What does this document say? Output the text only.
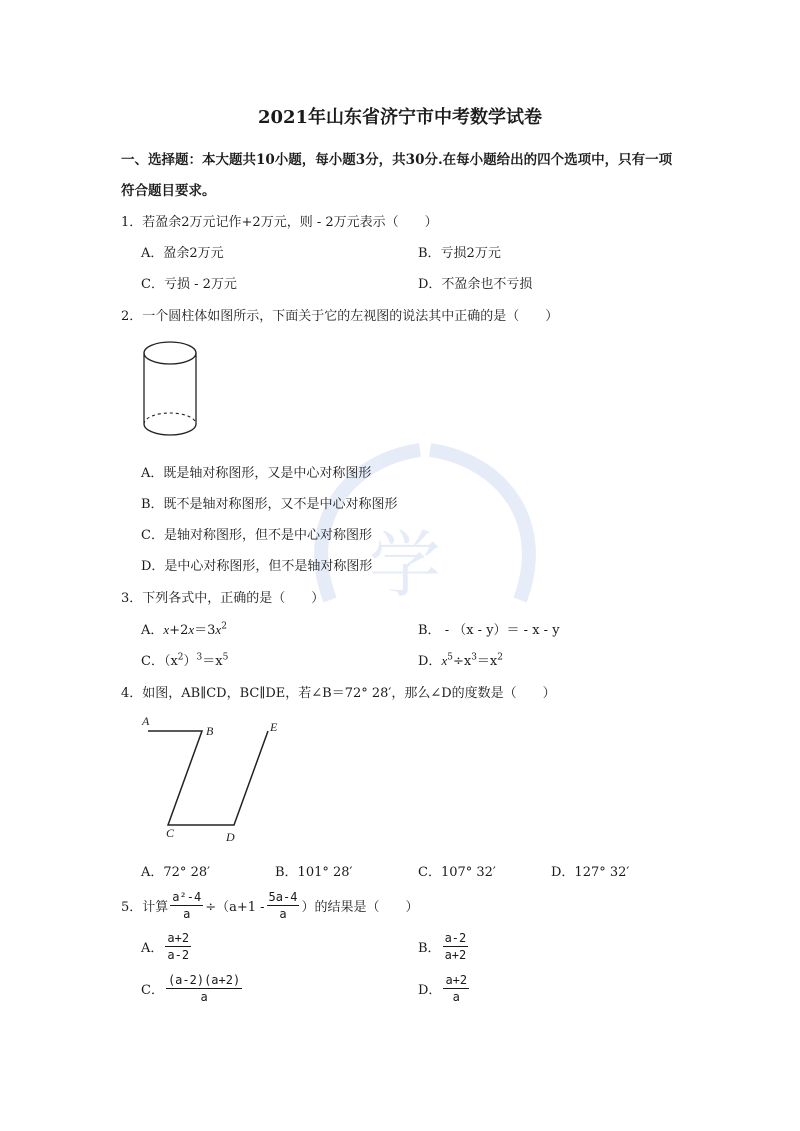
学
2021年山东省济宁市中考数学试卷
一、选择题：本大题共10小题，每小题3分，共30分.在每小题给出的四个选项中，只有一项
符合题目要求。
1．若盈余2万元记作+2万元，则 - 2万元表示（　　）
A．盈余2万元	B．亏损2万元
C．亏损 - 2万元	D．不盈余也不亏损
2．一个圆柱体如图所示，下面关于它的左视图的说法其中正确的是（　　）
A．既是轴对称图形，又是中心对称图形
B．既不是轴对称图形，又不是中心对称图形
C．是轴对称图形，但不是中心对称图形
D．是中心对称图形，但不是轴对称图形
3．下列各式中，正确的是（　　）
A．$x+2x=3x^2$	B． - （x - y）＝ - x - y
C．$(x^2)^3=x^5$	D．$x^5\div x^3=x^2$
4．如图，AB∥CD，BC∥DE，若∠B＝72° 28′，那么∠D的度数是（　　）
A
B
C	D
E
A．72° 28′	B．101° 28′	C．107° 32′	D．127° 32′
5．计算 $\frac{\text{a²-4}}{a} \div(a+1 - \frac{5a-4}{a}$ ）的结果是（　　）
A． $\frac{a+2}{a-2}$	B． $\frac{a-2}{a+2}$
C． $\frac{(a-2)(a+2)}{a}$	D． $\frac{a+2}{a}$
